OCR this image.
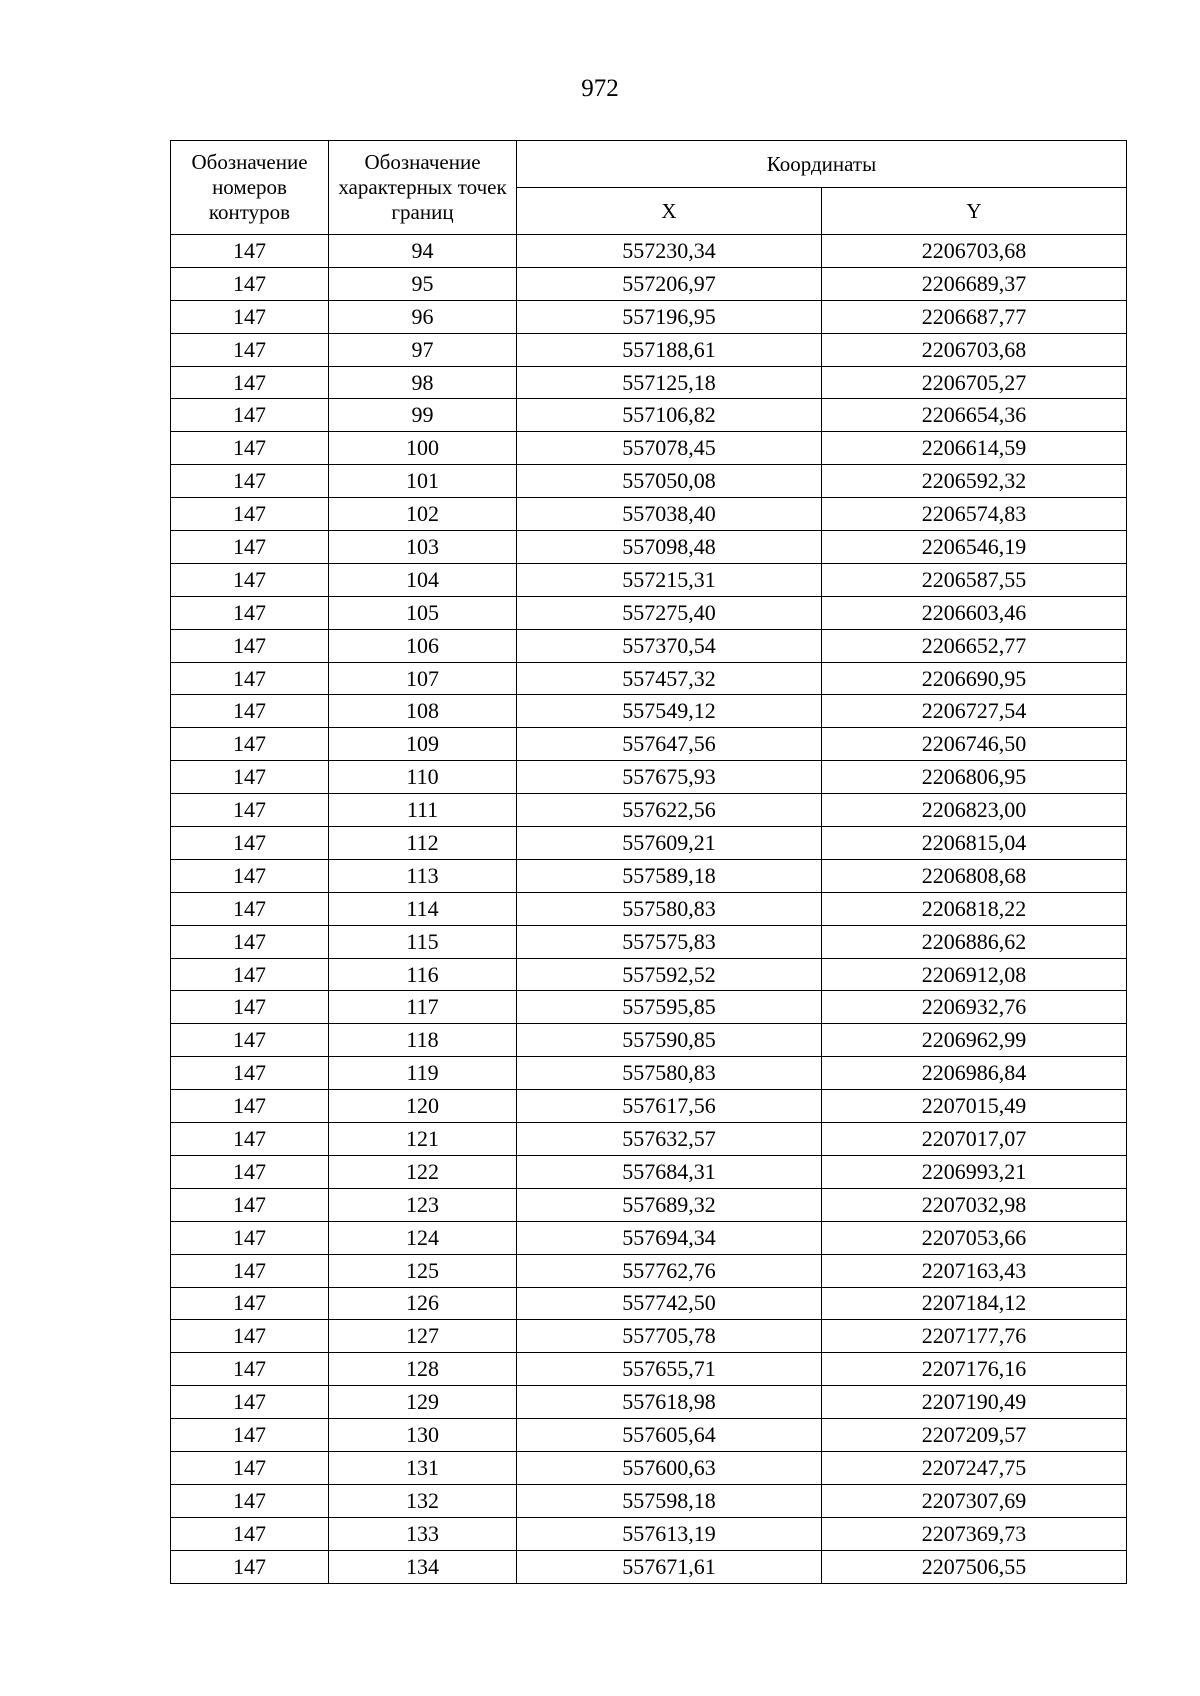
972
Обозначение номеров контуров	Обозначение характерных точек границ	Координаты	
		X	Y
147	94	557230,34	2206703,68
147	95	557206,97	2206689,37
147	96	557196,95	2206687,77
147	97	557188,61	2206703,68
147	98	557125,18	2206705,27
147	99	557106,82	2206654,36
147	100	557078,45	2206614,59
147	101	557050,08	2206592,32
147	102	557038,40	2206574,83
147	103	557098,48	2206546,19
147	104	557215,31	2206587,55
147	105	557275,40	2206603,46
147	106	557370,54	2206652,77
147	107	557457,32	2206690,95
147	108	557549,12	2206727,54
147	109	557647,56	2206746,50
147	110	557675,93	2206806,95
147	111	557622,56	2206823,00
147	112	557609,21	2206815,04
147	113	557589,18	2206808,68
147	114	557580,83	2206818,22
147	115	557575,83	2206886,62
147	116	557592,52	2206912,08
147	117	557595,85	2206932,76
147	118	557590,85	2206962,99
147	119	557580,83	2206986,84
147	120	557617,56	2207015,49
147	121	557632,57	2207017,07
147	122	557684,31	2206993,21
147	123	557689,32	2207032,98
147	124	557694,34	2207053,66
147	125	557762,76	2207163,43
147	126	557742,50	2207184,12
147	127	557705,78	2207177,76
147	128	557655,71	2207176,16
147	129	557618,98	2207190,49
147	130	557605,64	2207209,57
147	131	557600,63	2207247,75
147	132	557598,18	2207307,69
147	133	557613,19	2207369,73
147	134	557671,61	2207506,55
